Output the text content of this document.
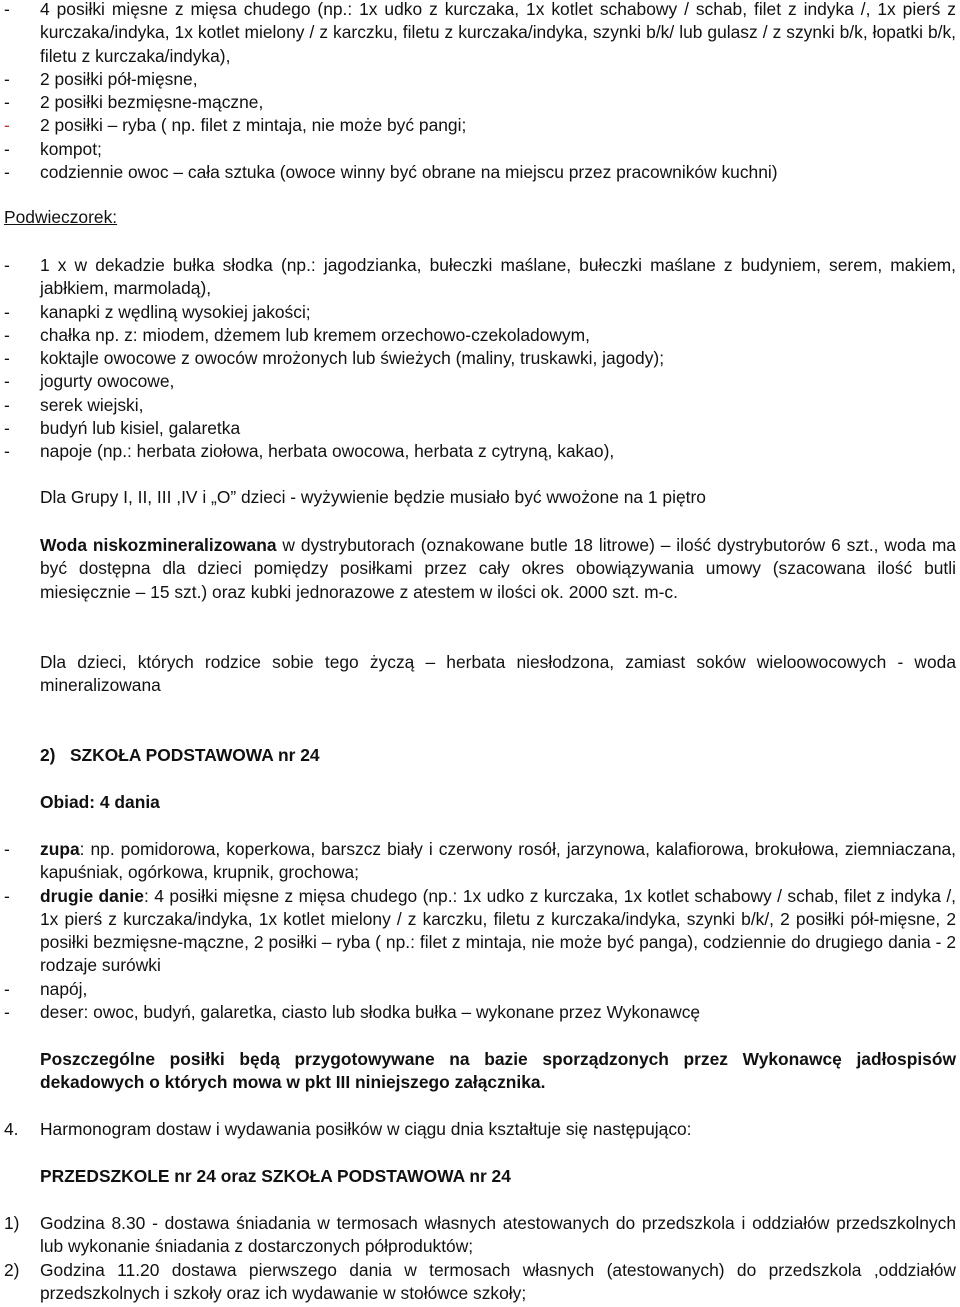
-	4 posiłki mięsne z mięsa chudego (np.: 1x udko z kurczaka, 1x kotlet schabowy / schab, filet z indyka /, 1x pierś z kurczaka/indyka, 1x kotlet mielony / z karczku, filetu z kurczaka/indyka, szynki b/k/ lub gulasz / z szynki b/k, łopatki b/k, filetu z kurczaka/indyka),
-	2 posiłki pół-mięsne,
-	2 posiłki bezmięsne-mączne,
-	2 posiłki – ryba ( np. filet z mintaja, nie może być pangi;
-	kompot;
-	codziennie owoc – cała sztuka (owoce winny być obrane na miejscu przez pracowników kuchni)

Podwieczorek:

-	1 x w dekadzie bułka słodka (np.: jagodzianka, bułeczki maślane, bułeczki maślane z budyniem, serem, makiem, jabłkiem, marmoladą),
-	kanapki z wędliną wysokiej jakości;
-	chałka np. z: miodem, dżemem lub kremem orzechowo-czekoladowym,
-	koktajle owocowe z owoców mrożonych lub świeżych (maliny, truskawki, jagody);
-	jogurty owocowe,
-	serek wiejski,
-	budyń lub kisiel, galaretka
-	napoje (np.: herbata ziołowa, herbata owocowa, herbata z cytryną, kakao),

Dla Grupy I, II, III ,IV i „O” dzieci - wyżywienie będzie musiało być wwożone na 1 piętro

Woda niskozmineralizowana w dystrybutorach (oznakowane butle 18 litrowe) – ilość dystrybutorów 6 szt., woda ma być dostępna dla dzieci pomiędzy posiłkami przez cały okres obowiązywania umowy (szacowana ilość butli miesięcznie – 15 szt.) oraz kubki jednorazowe z atestem w ilości ok. 2000 szt. m-c.

Dla dzieci, których rodzice sobie tego życzą – herbata niesłodzona, zamiast soków wieloowocowych - woda mineralizowana

2)   SZKOŁA PODSTAWOWA nr 24

Obiad: 4 dania

-	zupa: np. pomidorowa, koperkowa, barszcz biały i czerwony rosół, jarzynowa, kalafiorowa, brokułowa, ziemniaczana, kapuśniak, ogórkowa, krupnik, grochowa;
-	drugie danie: 4 posiłki mięsne z mięsa chudego (np.: 1x udko z kurczaka, 1x kotlet schabowy / schab, filet z indyka /, 1x pierś z kurczaka/indyka, 1x kotlet mielony / z karczku, filetu z kurczaka/indyka, szynki b/k/, 2 posiłki pół-mięsne, 2 posiłki bezmięsne-mączne, 2 posiłki – ryba ( np.: filet z mintaja, nie może być panga), codziennie do drugiego dania - 2 rodzaje surówki
-	napój,
-	deser: owoc, budyń, galaretka, ciasto lub słodka bułka – wykonane przez Wykonawcę

Poszczególne posiłki będą przygotowywane na bazie sporządzonych przez Wykonawcę jadłospisów dekadowych o których mowa w pkt III niniejszego załącznika.

4.	Harmonogram dostaw i wydawania posiłków w ciągu dnia kształtuje się następująco:

PRZEDSZKOLE nr 24 oraz SZKOŁA PODSTAWOWA nr 24

1)	Godzina 8.30 - dostawa śniadania w termosach własnych atestowanych do przedszkola i oddziałów przedszkolnych lub wykonanie śniadania z dostarczonych półproduktów;
2)	Godzina 11.20 dostawa pierwszego dania w termosach własnych (atestowanych) do przedszkola ,oddziałów przedszkolnych i szkoły oraz ich wydawanie w stołówce szkoły;
